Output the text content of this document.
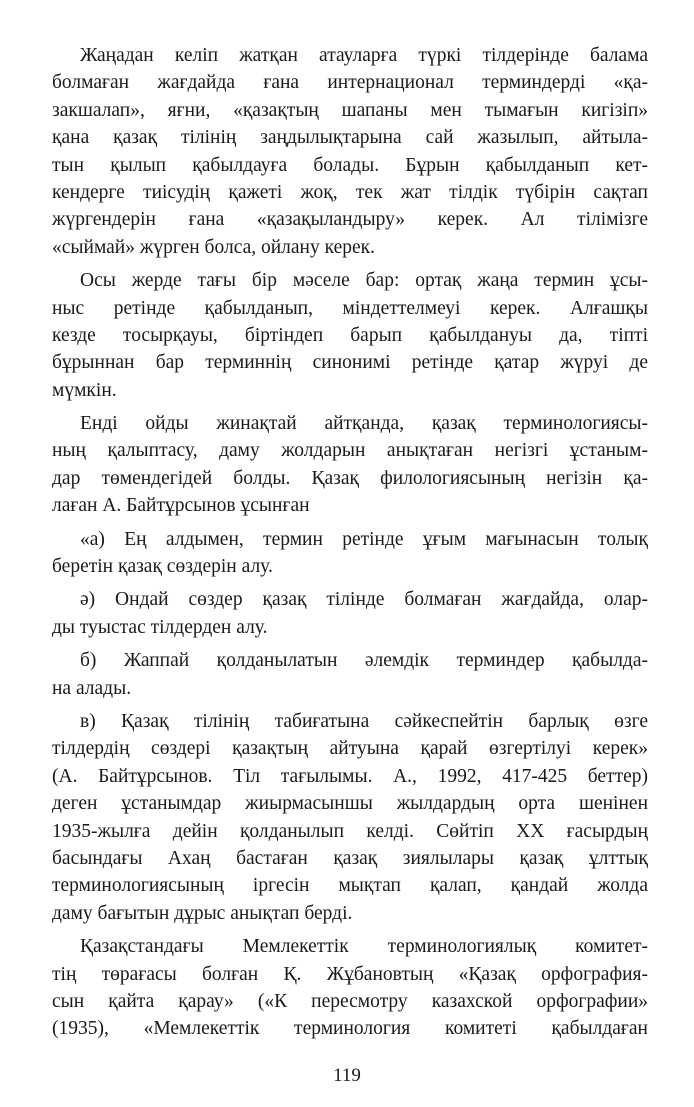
Жаңадан келіп жатқан атауларға түркі тілдерінде балама
болмаған жағдайда ғана интернационал терминдерді «қа-
закшалап», яғни, «қазақтың шапаны мен тымағын кигізіп»
қана қазақ тілінің заңдылықтарына сай жазылып, айтыла-
тын қылып қабылдауға болады. Бұрын қабылданып кет-
кендерге тиісудің қажеті жоқ, тек жат тілдік түбірін сақтап
жүргендерін ғана «қазақыландыру» керек. Ал тілімізге
«сыймай» жүрген болса, ойлану керек.
Осы жерде тағы бір мәселе бар: ортақ жаңа термин ұсы-
ныс ретінде қабылданып, міндеттелмеуі керек. Алғашқы
кезде тосырқауы, біртіндеп барып қабылдануы да, тіпті
бұрыннан бар терминнің синонимі ретінде қатар жүруі де
мүмкін.
Енді ойды жинақтай айтқанда, қазақ терминологиясы-
ның қалыптасу, даму жолдарын анықтаған негізгі ұстаным-
дар төмендегідей болды. Қазақ филологиясының негізін қа-
лаған А. Байтұрсынов ұсынған
«а) Ең алдымен, термин ретінде ұғым мағынасын толық
беретін қазақ сөздерін алу.
ә) Ондай сөздер қазақ тілінде болмаған жағдайда, олар-
ды туыстас тілдерден алу.
б) Жаппай қолданылатын әлемдік терминдер қабылда-
на алады.
в) Қазақ тілінің табиғатына сәйкеспейтін барлық өзге
тілдердің сөздері қазақтың айтуына қарай өзгертілуі керек»
(А. Байтұрсынов. Тіл тағылымы. А., 1992, 417-425 беттер)
деген ұстанымдар жиырмасыншы жылдардың орта шенінен
1935-жылға дейін қолданылып келді. Сөйтіп XX ғасырдың
басындағы Ахаң бастаған қазақ зиялылары қазақ ұлттық
терминологиясының іргесін мықтап қалап, қандай жолда
даму бағытын дұрыс анықтап берді.
Қазақстандағы Мемлекеттік терминологиялық комитет-
тің төрағасы болған Қ. Жұбановтың «Қазақ орфография-
сын қайта қарау» («К пересмотру казахской орфографии»
(1935), «Мемлекеттік терминология комитеті қабылдаған
119
